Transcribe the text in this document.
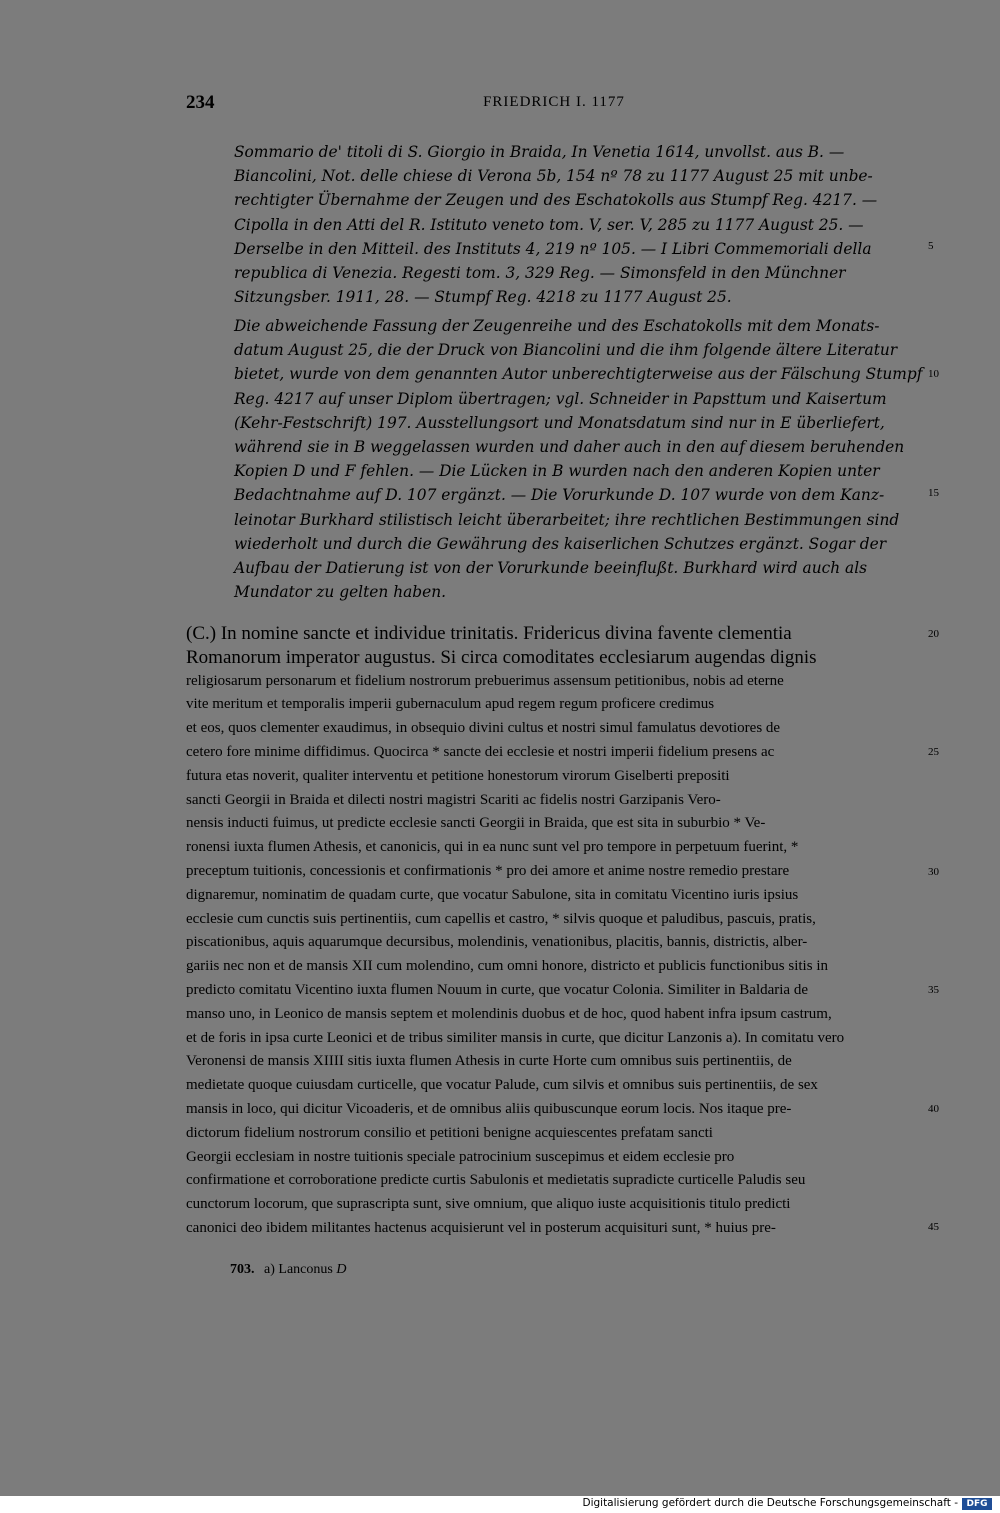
234	FRIEDRICH I. 1177
Sommario de' titoli di S. Giorgio in Braida, In Venetia 1614, unvollst. aus B. —
Biancolini, Not. delle chiese di Verona 5b, 154 nº 78 zu 1177 August 25 mit unbe-
rechtigter Übernahme der Zeugen und des Eschatokolls aus Stumpf Reg. 4217. —
Cipolla in den Atti del R. Istituto veneto tom. V, ser. V, 285 zu 1177 August 25. —
Derselbe in den Mitteil. des Instituts 4, 219 nº 105. — I Libri Commemoriali della
republica di Venezia. Regesti tom. 3, 329 Reg. — Simonsfeld in den Münchner
Sitzungsber. 1911, 28. — Stumpf Reg. 4218 zu 1177 August 25.
Die abweichende Fassung der Zeugenreihe und des Eschatokolls mit dem Monats-
datum August 25, die der Druck von Biancolini und die ihm folgende ältere Literatur
bietet, wurde von dem genannten Autor unberechtigterweise aus der Fälschung Stumpf
Reg. 4217 auf unser Diplom übertragen; vgl. Schneider in Papsttum und Kaisertum
(Kehr-Festschrift) 197. Ausstellungsort und Monatsdatum sind nur in E überliefert,
während sie in B weggelassen wurden und daher auch in den auf diesem beruhenden
Kopien D und F fehlen. — Die Lücken in B wurden nach den anderen Kopien unter
Bedachtnahme auf D. 107 ergänzt. — Die Vorurkunde D. 107 wurde von dem Kanz-
leinotar Burkhard stilistisch leicht überarbeitet; ihre rechtlichen Bestimmungen sind
wiederholt und durch die Gewährung des kaiserlichen Schutzes ergänzt. Sogar der
Aufbau der Datierung ist von der Vorurkunde beeinflußt. Burkhard wird auch als
Mundator zu gelten haben.
(C.) In nomine sancte et individue trinitatis. Fridericus divina favente clementia
Romanorum imperator augustus. Si circa comoditates ecclesiarum augendas dignis
religiosarum personarum et fidelium nostrorum prebuerimus assensum petitionibus, nobis ad eterne
vite meritum et temporalis imperii gubernaculum apud regem regum proficere credimus
et eos, quos clementer exaudimus, in obsequio divini cultus et nostri simul famulatus devotiores de
cetero fore minime diffidimus. Quocirca * sancte dei ecclesie et nostri imperii fidelium presens ac
futura etas noverit, qualiter interventu et petitione honestorum virorum Giselberti prepositi
sancti Georgii in Braida et dilecti nostri magistri Scariti ac fidelis nostri Garzipanis Vero-
nensis inducti fuimus, ut predicte ecclesie sancti Georgii in Braida, que est sita in suburbio * Ve-
ronensi iuxta flumen Athesis, et canonicis, qui in ea nunc sunt vel pro tempore in perpetuum fuerint, *
preceptum tuitionis, concessionis et confirmationis * pro dei amore et anime nostre remedio prestare
dignaremur, nominatim de quadam curte, que vocatur Sabulone, sita in comitatu Vicentino iuris ipsius
ecclesie cum cunctis suis pertinentiis, cum capellis et castro, * silvis quoque et paludibus, pascuis, pratis,
piscationibus, aquis aquarumque decursibus, molendinis, venationibus, placitis, bannis, districtis, alber-
gariis nec non et de mansis XII cum molendino, cum omni honore, districto et publicis functionibus sitis in
predicto comitatu Vicentino iuxta flumen Nouum in curte, que vocatur Colonia. Similiter in Baldaria de
manso uno, in Leonico de mansis septem et molendinis duobus et de hoc, quod habent infra ipsum castrum,
et de foris in ipsa curte Leonici et de tribus similiter mansis in curte, que dicitur Lanzonis a). In comitatu vero
Veronensi de mansis XIIII sitis iuxta flumen Athesis in curte Horte cum omnibus suis pertinentiis, de
medietate quoque cuiusdam curticelle, que vocatur Palude, cum silvis et omnibus suis pertinentiis, de sex
mansis in loco, qui dicitur Vicoaderis, et de omnibus aliis quibuscunque eorum locis. Nos itaque pre-
dictorum fidelium nostrorum consilio et petitioni benigne acquiescentes prefatam sancti
Georgii ecclesiam in nostre tuitionis speciale patrocinium suscepimus et eidem ecclesie pro
confirmatione et corroboratione predicte curtis Sabulonis et medietatis supradicte curticelle Paludis seu
cunctorum locorum, que suprascripta sunt, sive omnium, que aliquo iuste acquisitionis titulo predicti
canonici deo ibidem militantes hactenus acquisierunt vel in posterum acquisituri sunt, * huius pre-
5
10
15
20
25
30
35
40
45
703. a) Lanconus D
Digitalisierung gefördert durch die Deutsche Forschungsgemeinschaft - DFG
